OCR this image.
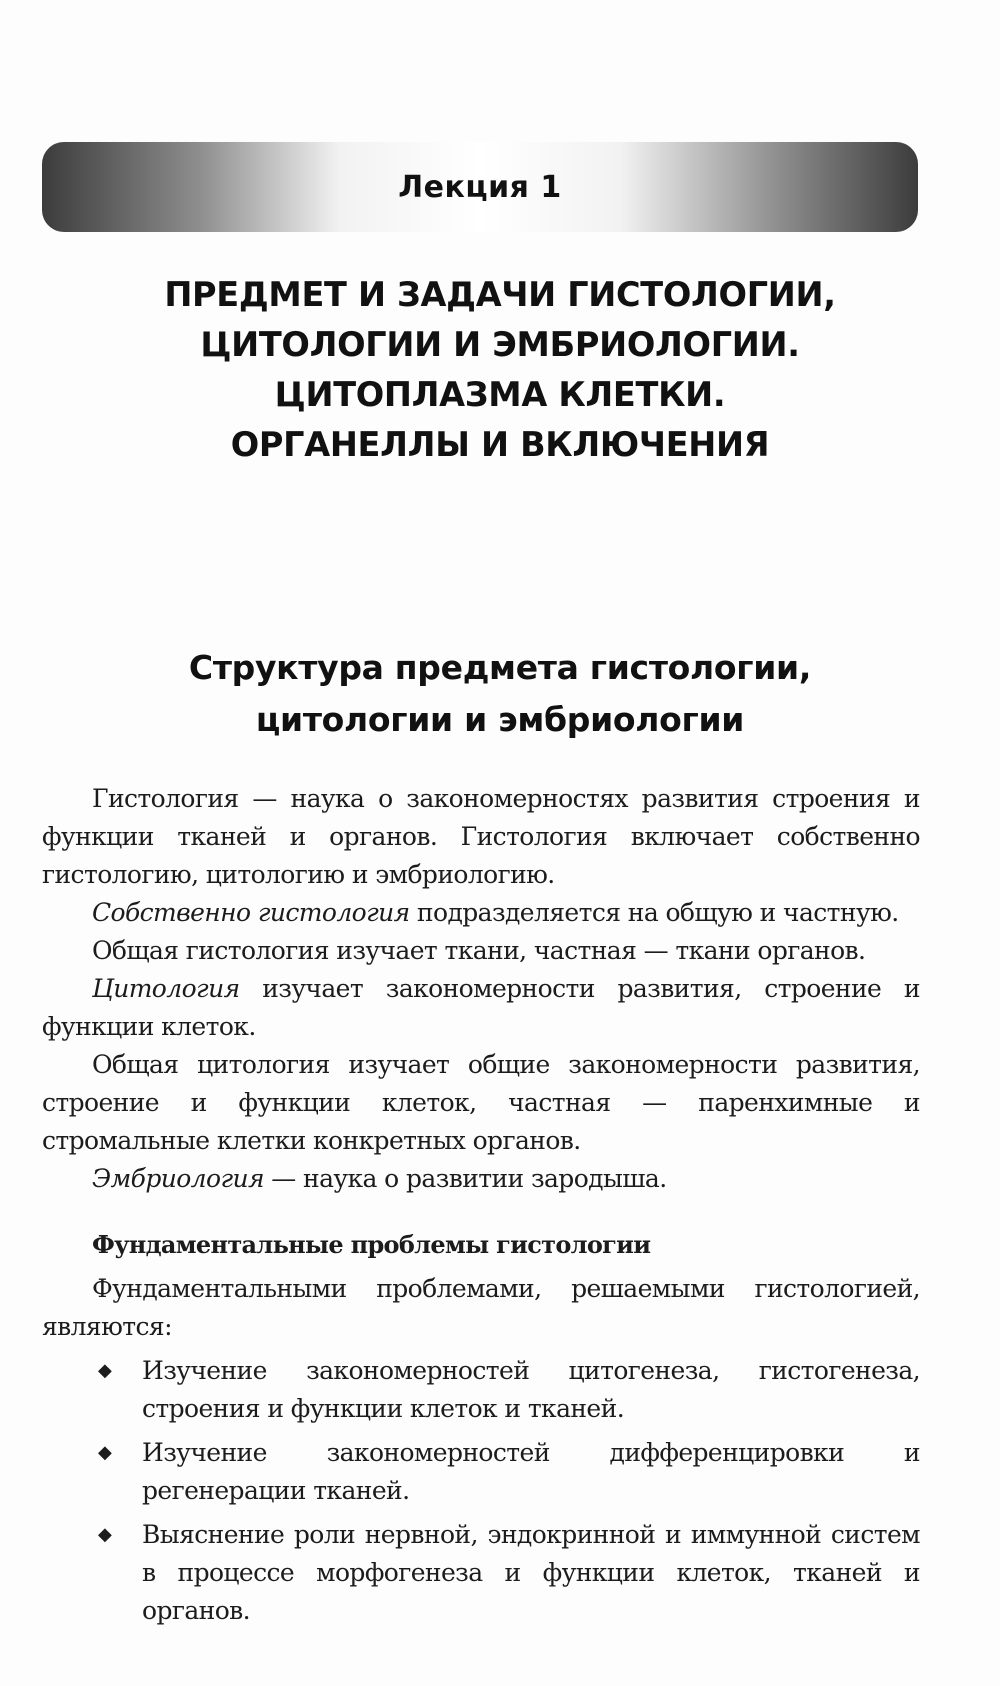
Лекция 1
ПРЕДМЕТ И ЗАДАЧИ ГИСТОЛОГИИ,
ЦИТОЛОГИИ И ЭМБРИОЛОГИИ.
ЦИТОПЛАЗМА КЛЕТКИ.
ОРГАНЕЛЛЫ И ВКЛЮЧЕНИЯ
Структура предмета гистологии,
цитологии и эмбриологии

Гистология — наука о закономерностях развития строения и функции тканей и органов. Гистология включает собственно гистологию, цитологию и эмбриологию.

Собственно гистология подразделяется на общую и частную.

Общая гистология изучает ткани, частная — ткани органов.

Цитология изучает закономерности развития, строение и функции клеток.

Общая цитология изучает общие закономерности развития, строение и функции клеток, частная — паренхимные и стромальные клетки конкретных органов.

Эмбриология — наука о развитии зародыша.

Фундаментальные проблемы гистологии

Фундаментальными проблемами, решаемыми гистологией, являются:

◆ Изучение закономерностей цитогенеза, гистогенеза, строения и функции клеток и тканей.
◆ Изучение закономерностей дифференцировки и регенерации тканей.
◆ Выяснение роли нервной, эндокринной и иммунной систем в процессе морфогенеза и функции клеток, тканей и органов.
